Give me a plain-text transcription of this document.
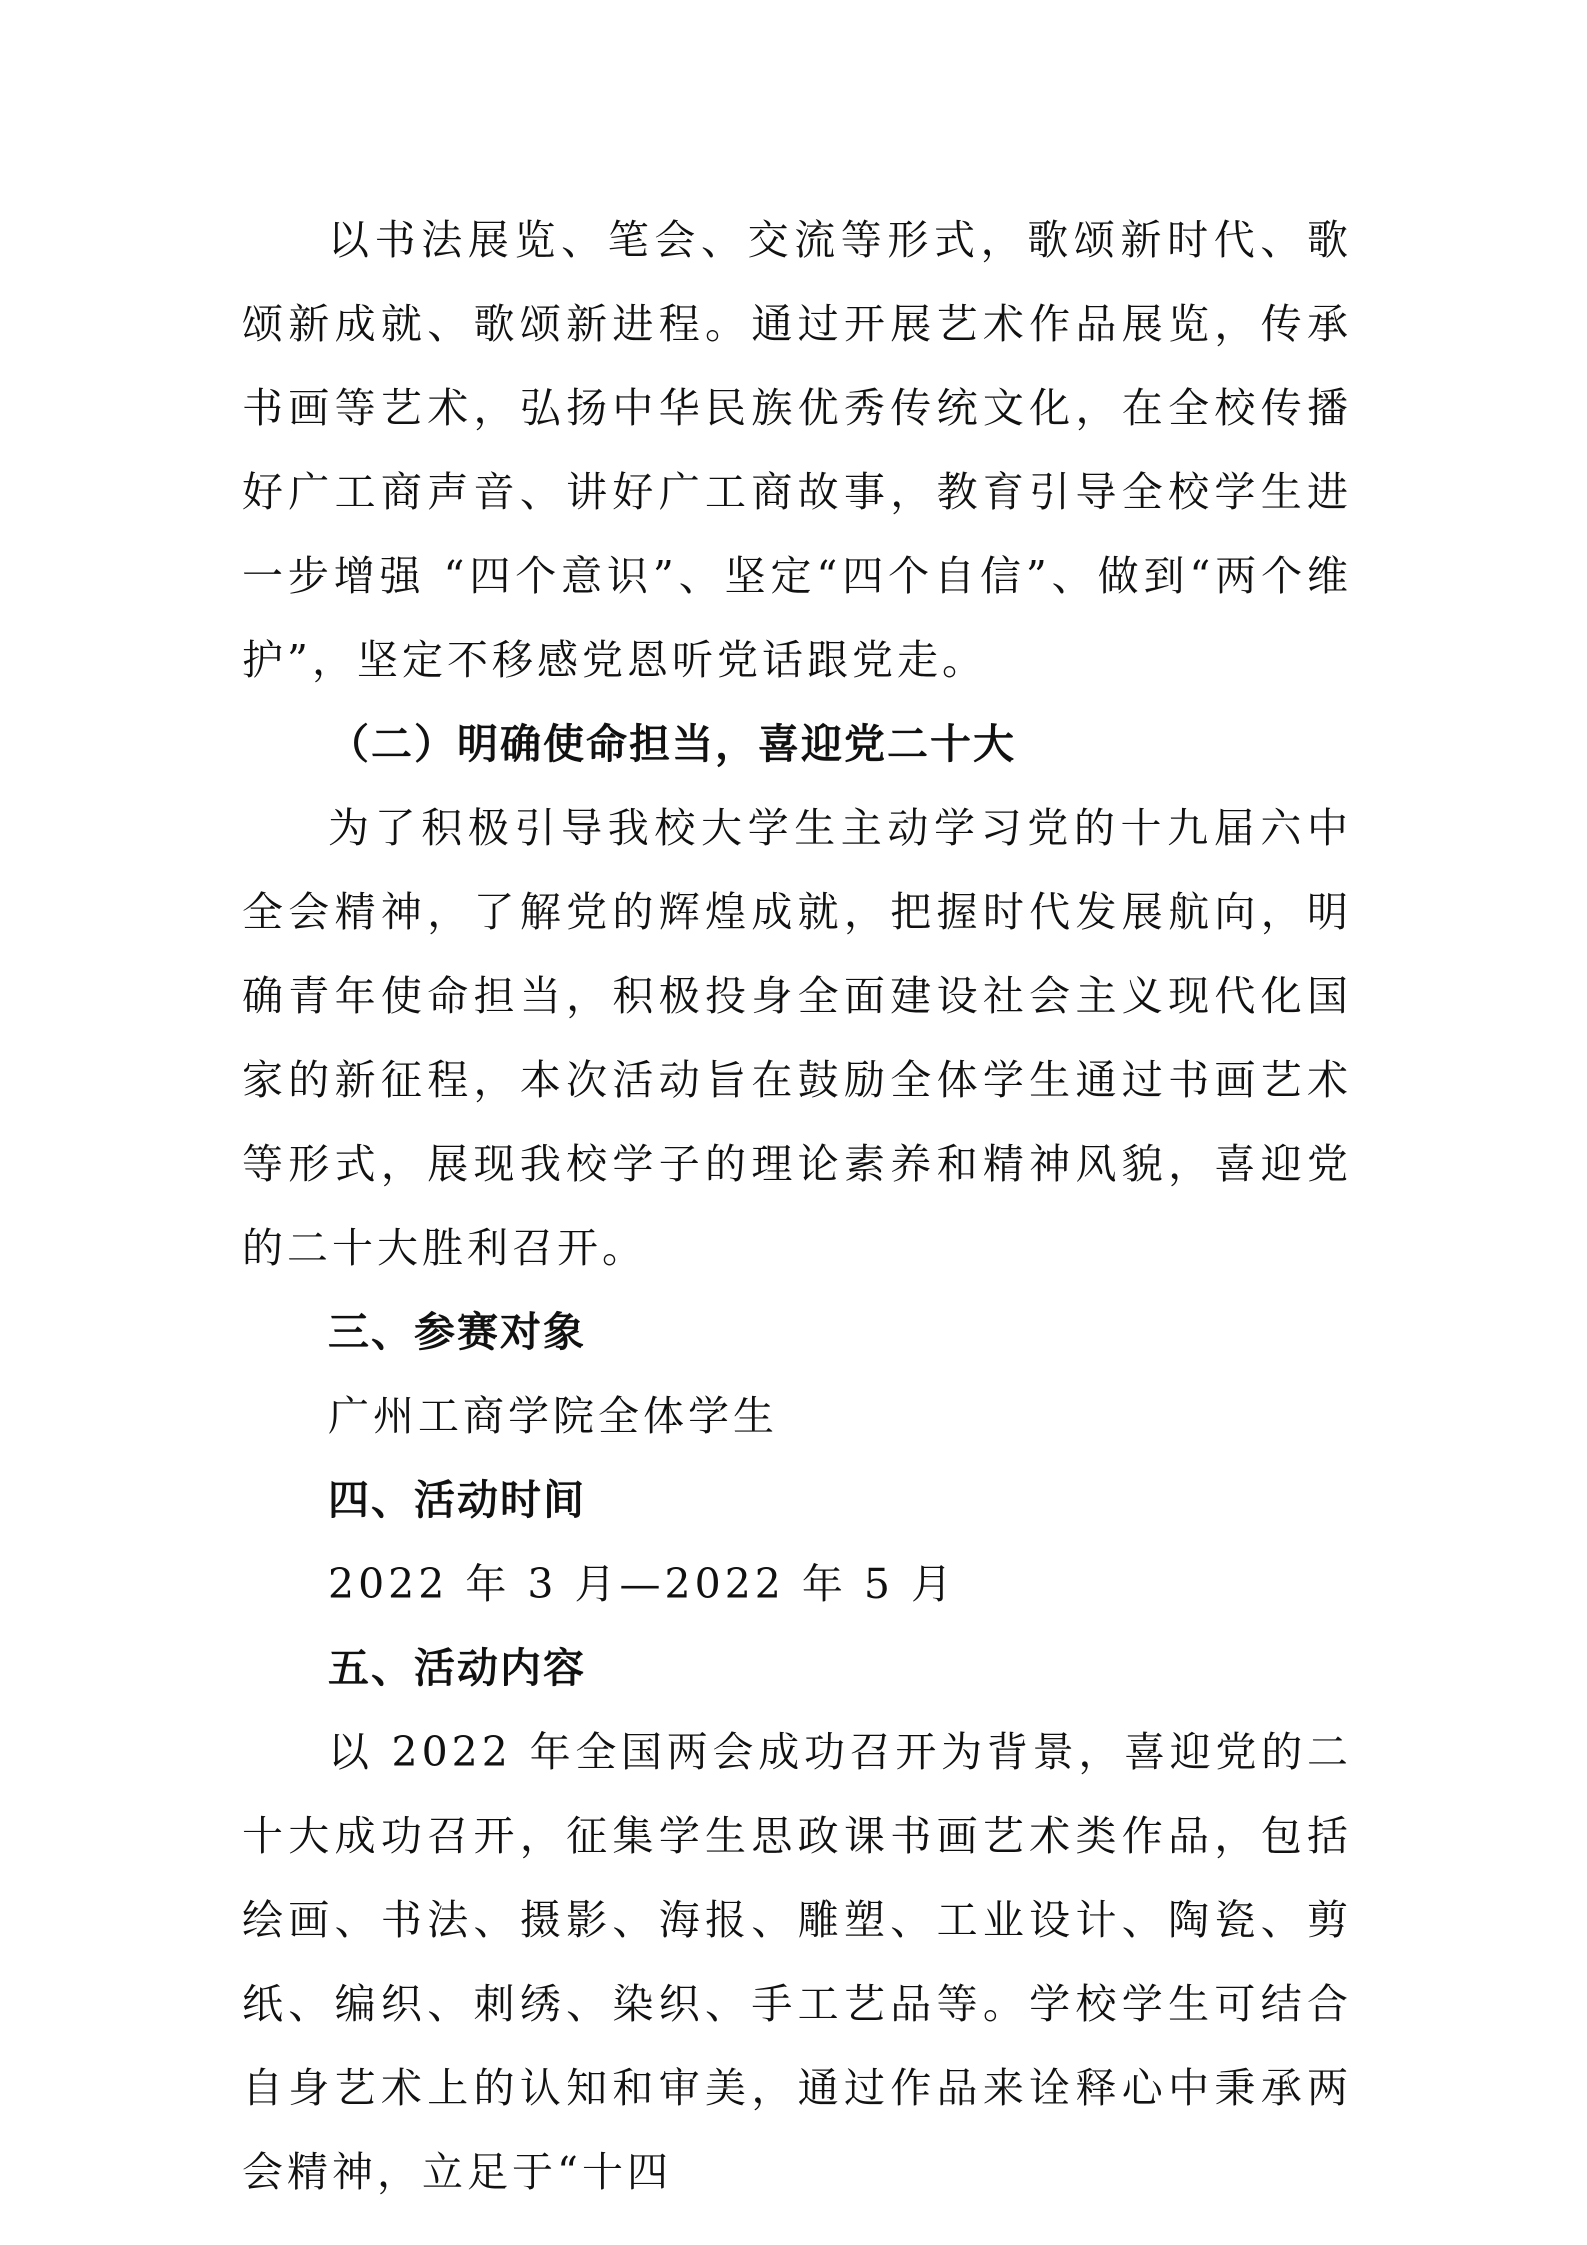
以书法展览、笔会、交流等形式，歌颂新时代、歌颂新成就、歌颂新进程。通过开展艺术作品展览，传承书画等艺术，弘扬中华民族优秀传统文化，在全校传播好广工商声音、讲好广工商故事，教育引导全校学生进一步增强 “四个意识”、坚定“四个自信”、做到“两个维护”，坚定不移感党恩听党话跟党走。

（二）明确使命担当，喜迎党二十大

为了积极引导我校大学生主动学习党的十九届六中全会精神，了解党的辉煌成就，把握时代发展航向，明确青年使命担当，积极投身全面建设社会主义现代化国家的新征程，本次活动旨在鼓励全体学生通过书画艺术等形式，展现我校学子的理论素养和精神风貌，喜迎党的二十大胜利召开。

三、参赛对象

广州工商学院全体学生

四、活动时间

2022 年 3 月—2022 年 5 月

五、活动内容

以 2022 年全国两会成功召开为背景，喜迎党的二十大成功召开，征集学生思政课书画艺术类作品，包括绘画、书法、摄影、海报、雕塑、工业设计、陶瓷、剪纸、编织、刺绣、染织、手工艺品等。学校学生可结合自身艺术上的认知和审美，通过作品来诠释心中秉承两会精神，立足于“十四
